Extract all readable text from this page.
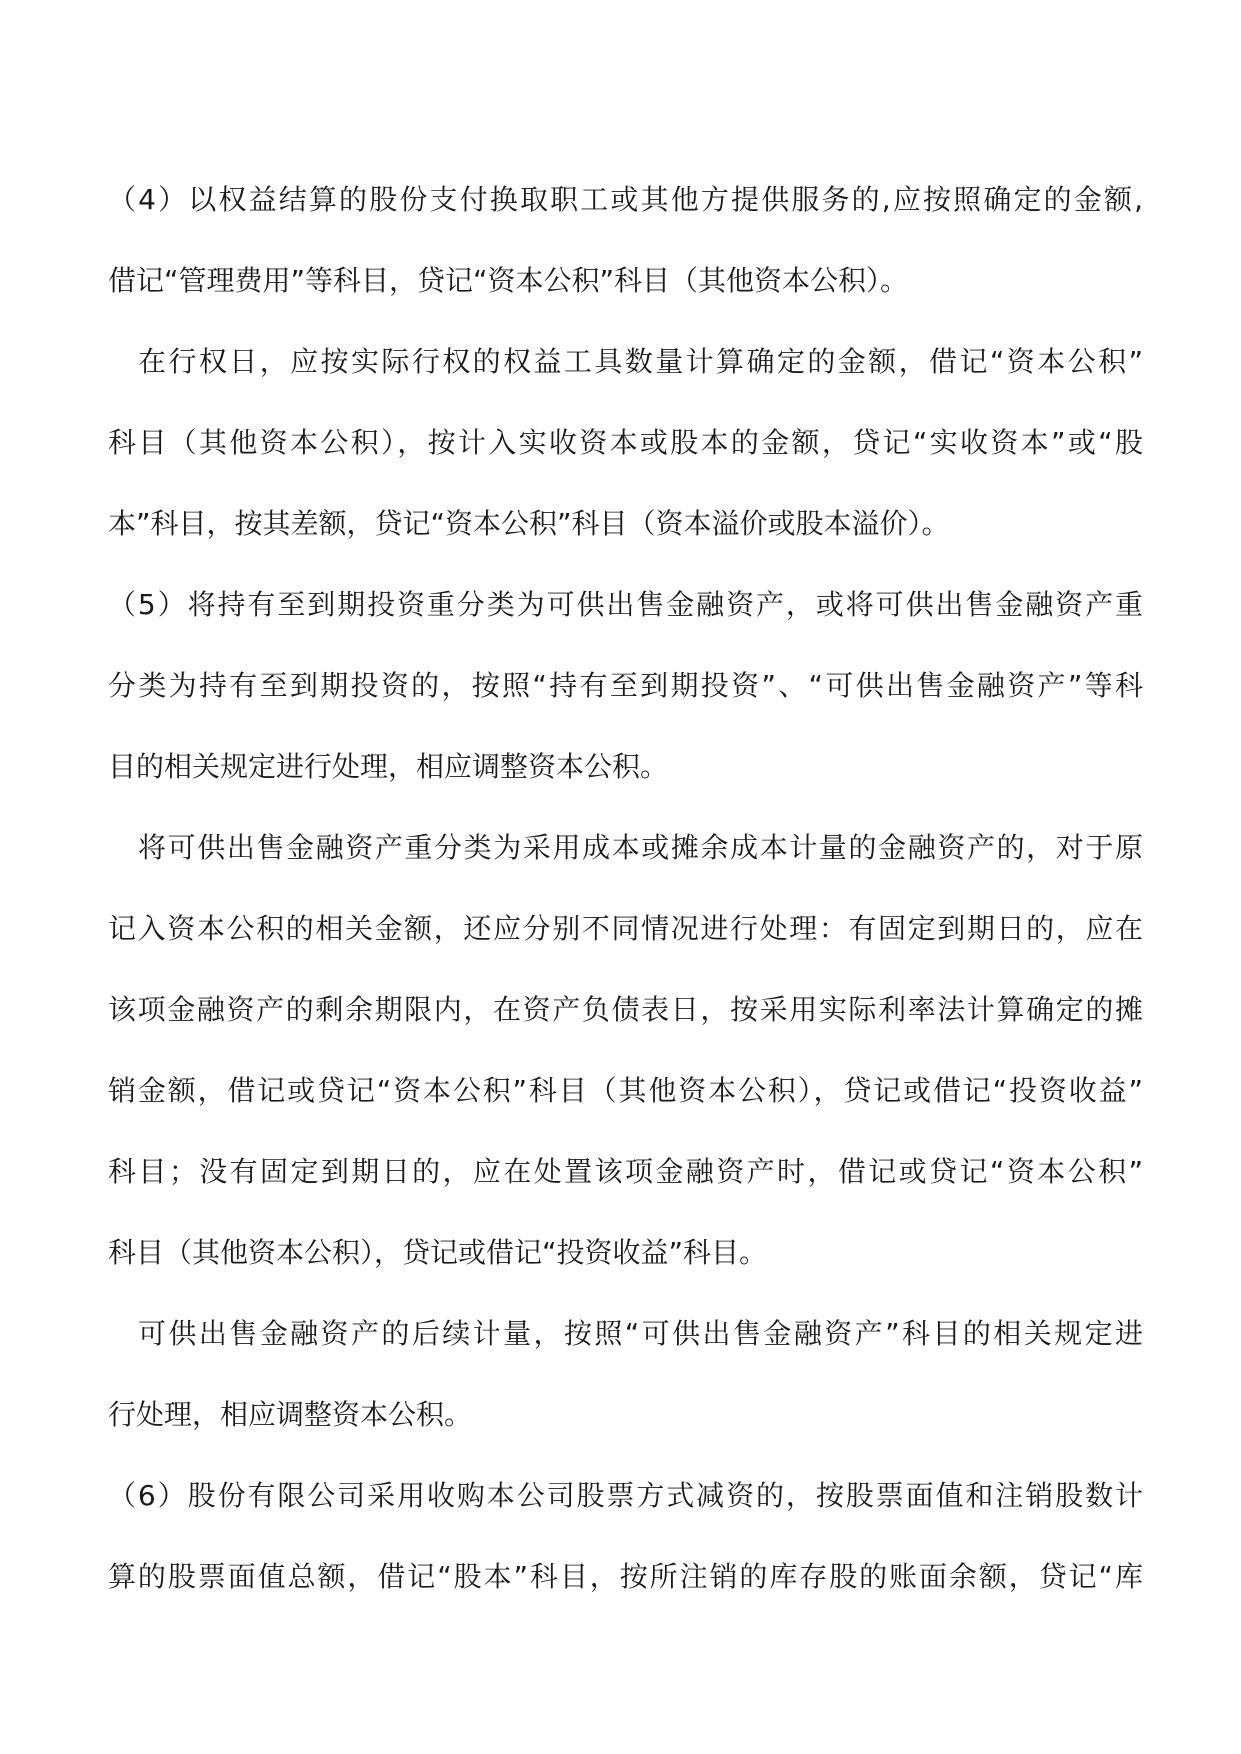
（4）以权益结算的股份支付换取职工或其他方提供服务的,应按照确定的金额,
借记“管理费用”等科目，贷记“资本公积”科目（其他资本公积）。
在行权日，应按实际行权的权益工具数量计算确定的金额，借记“资本公积”
科目（其他资本公积），按计入实收资本或股本的金额，贷记“实收资本”或“股
本”科目，按其差额，贷记“资本公积”科目（资本溢价或股本溢价）。
（5）将持有至到期投资重分类为可供出售金融资产，或将可供出售金融资产重
分类为持有至到期投资的，按照“持有至到期投资”、“可供出售金融资产”等科
目的相关规定进行处理，相应调整资本公积。
将可供出售金融资产重分类为采用成本或摊余成本计量的金融资产的，对于原
记入资本公积的相关金额，还应分别不同情况进行处理：有固定到期日的，应在
该项金融资产的剩余期限内，在资产负债表日，按采用实际利率法计算确定的摊
销金额，借记或贷记“资本公积”科目（其他资本公积），贷记或借记“投资收益”
科目；没有固定到期日的，应在处置该项金融资产时，借记或贷记“资本公积”
科目（其他资本公积），贷记或借记“投资收益”科目。
可供出售金融资产的后续计量，按照“可供出售金融资产”科目的相关规定进
行处理，相应调整资本公积。
（6）股份有限公司采用收购本公司股票方式减资的，按股票面值和注销股数计
算的股票面值总额，借记“股本”科目，按所注销的库存股的账面余额，贷记“库
